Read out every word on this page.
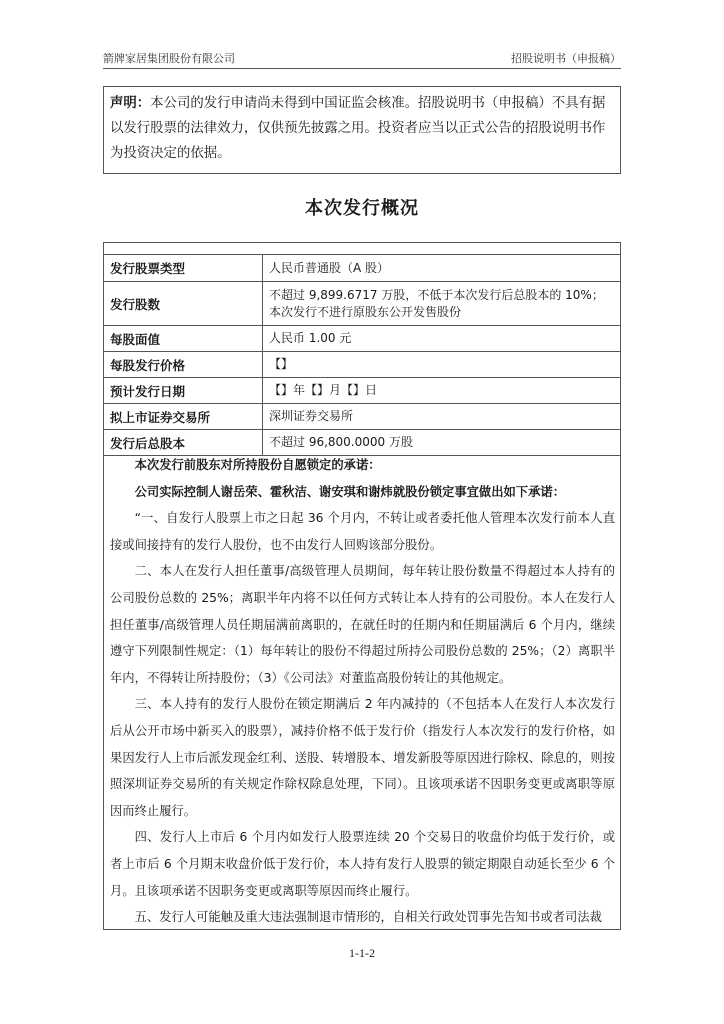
箭牌家居集团股份有限公司	招股说明书（申报稿）
声明：本公司的发行申请尚未得到中国证监会核准。招股说明书（申报稿）不具有据以发行股票的法律效力，仅供预先披露之用。投资者应当以正式公告的招股说明书作为投资决定的依据。
本次发行概况
发行股票类型	人民币普通股（A 股）
发行股数	不超过 9,899.6717 万股，不低于本次发行后总股本的 10%；本次发行不进行原股东公开发售股份
每股面值	人民币 1.00 元
每股发行价格	【】
预计发行日期	【】年【】月【】日
拟上市证券交易所	深圳证券交易所
发行后总股本	不超过 96,800.0000 万股

本次发行前股东对所持股份自愿锁定的承诺：

公司实际控制人谢岳荣、霍秋洁、谢安琪和谢炜就股份锁定事宜做出如下承诺：

“一、自发行人股票上市之日起 36 个月内，不转让或者委托他人管理本次发行前本人直接或间接持有的发行人股份，也不由发行人回购该部分股份。

二、本人在发行人担任董事/高级管理人员期间，每年转让股份数量不得超过本人持有的公司股份总数的 25%；离职半年内将不以任何方式转让本人持有的公司股份。本人在发行人担任董事/高级管理人员任期届满前离职的，在就任时的任期内和任期届满后 6 个月内，继续遵守下列限制性规定：（1）每年转让的股份不得超过所持公司股份总数的 25%；（2）离职半年内，不得转让所持股份；（3）《公司法》对董监高股份转让的其他规定。

三、本人持有的发行人股份在锁定期满后 2 年内减持的（不包括本人在发行人本次发行后从公开市场中新买入的股票），减持价格不低于发行价（指发行人本次发行的发行价格，如果因发行人上市后派发现金红利、送股、转增股本、增发新股等原因进行除权、除息的，则按照深圳证券交易所的有关规定作除权除息处理，下同）。且该项承诺不因职务变更或离职等原因而终止履行。

四、发行人上市后 6 个月内如发行人股票连续 20 个交易日的收盘价均低于发行价，或者上市后 6 个月期末收盘价低于发行价，本人持有发行人股票的锁定期限自动延长至少 6 个月。且该项承诺不因职务变更或离职等原因而终止履行。

五、发行人可能触及重大违法强制退市情形的，自相关行政处罚事先告知书或者司法裁

1-1-2
